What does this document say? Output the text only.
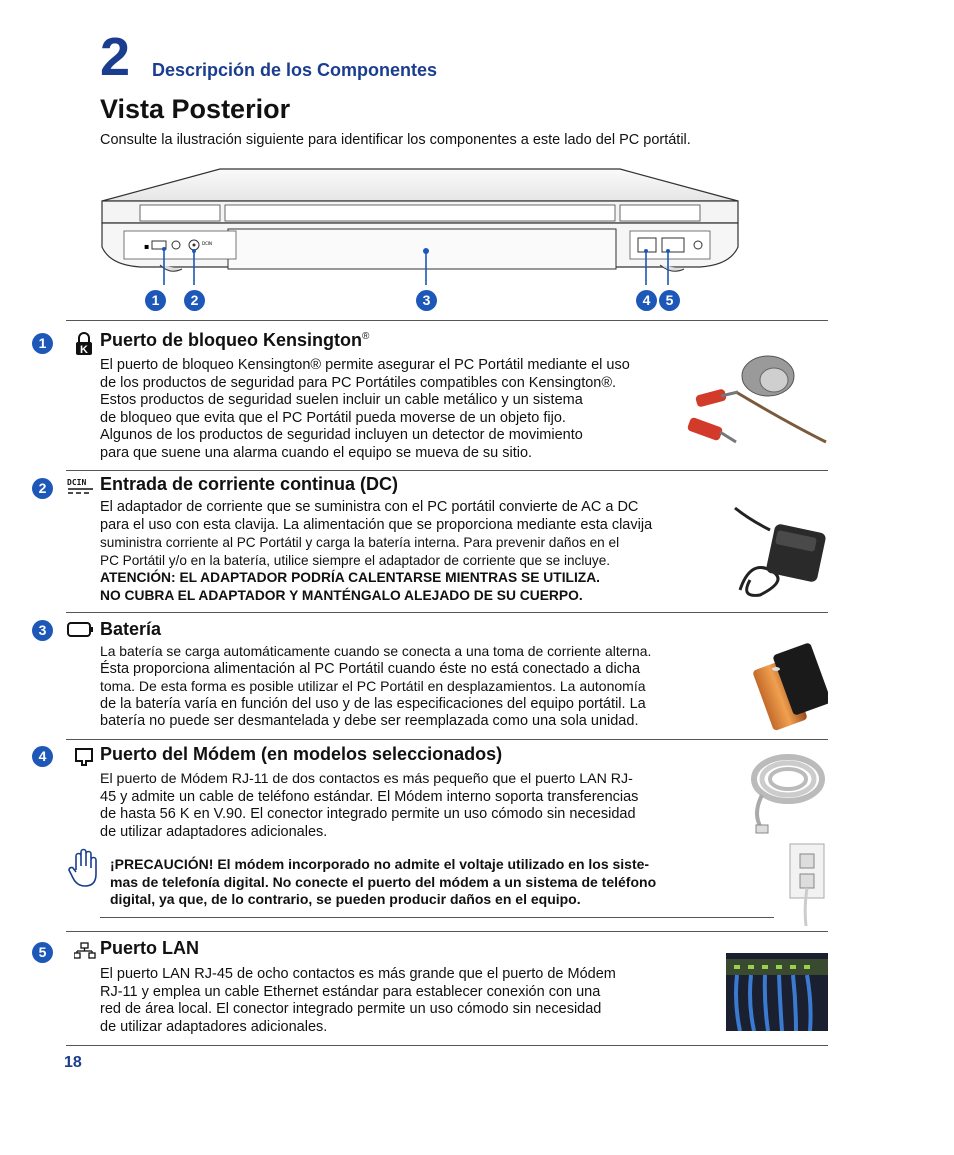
2 Descripción de los Componentes
Vista Posterior
Consulte la ilustración siguiente para identificar los componentes a este lado del PC portátil.
▪	DCIN
1	2	3	4	5
1	K Puerto de bloqueo Kensington®
El puerto de bloqueo Kensington® permite asegurar el PC Portátil mediante el uso
de los productos de seguridad para PC Portátiles compatibles con Kensington®.
Estos productos de seguridad suelen incluir un cable metálico y un sistema
de bloqueo que evita que el PC Portátil pueda moverse de un objeto fijo.
Algunos de los productos de seguridad incluyen un detector de movimiento
para que suene una alarma cuando el equipo se mueva de su sitio.
2	DCIN Entrada de corriente continua (DC)
El adaptador de corriente que se suministra con el PC portátil convierte de AC a DC
para el uso con esta clavija. La alimentación que se proporciona mediante esta clavija
suministra corriente al PC Portátil y carga la batería interna. Para prevenir daños en el
PC Portátil y/o en la batería, utilice siempre el adaptador de corriente que se incluye.
ATENCIÓN: EL ADAPTADOR PODRÍA CALENTARSE MIENTRAS SE UTILIZA.
NO CUBRA EL ADAPTADOR Y MANTÉNGALO ALEJADO DE SU CUERPO.
3	Batería
La batería se carga automáticamente cuando se conecta a una toma de corriente alterna.
Ésta proporciona alimentación al PC Portátil cuando éste no está conectado a dicha
toma. De esta forma es posible utilizar el PC Portátil en desplazamientos. La autonomía
de la batería varía en función del uso y de las especificaciones del equipo portátil. La
batería no puede ser desmantelada y debe ser reemplazada como una sola unidad.
4	Puerto del Módem (en modelos seleccionados)
El puerto de Módem RJ-11 de dos contactos es más pequeño que el puerto LAN RJ-
45 y admite un cable de teléfono estándar. El Módem interno soporta transferencias
de hasta 56 K en V.90. El conector integrado permite un uso cómodo sin necesidad
de utilizar adaptadores adicionales.
¡PRECAUCIÓN! El módem incorporado no admite el voltaje utilizado en los siste-
mas de telefonía digital. No conecte el puerto del módem a un sistema de teléfono
digital, ya que, de lo contrario, se pueden producir daños en el equipo.
5	Puerto LAN
El puerto LAN RJ-45 de ocho contactos es más grande que el puerto de Módem
RJ-11 y emplea un cable Ethernet estándar para establecer conexión con una
red de área local. El conector integrado permite un uso cómodo sin necesidad
de utilizar adaptadores adicionales.
18
